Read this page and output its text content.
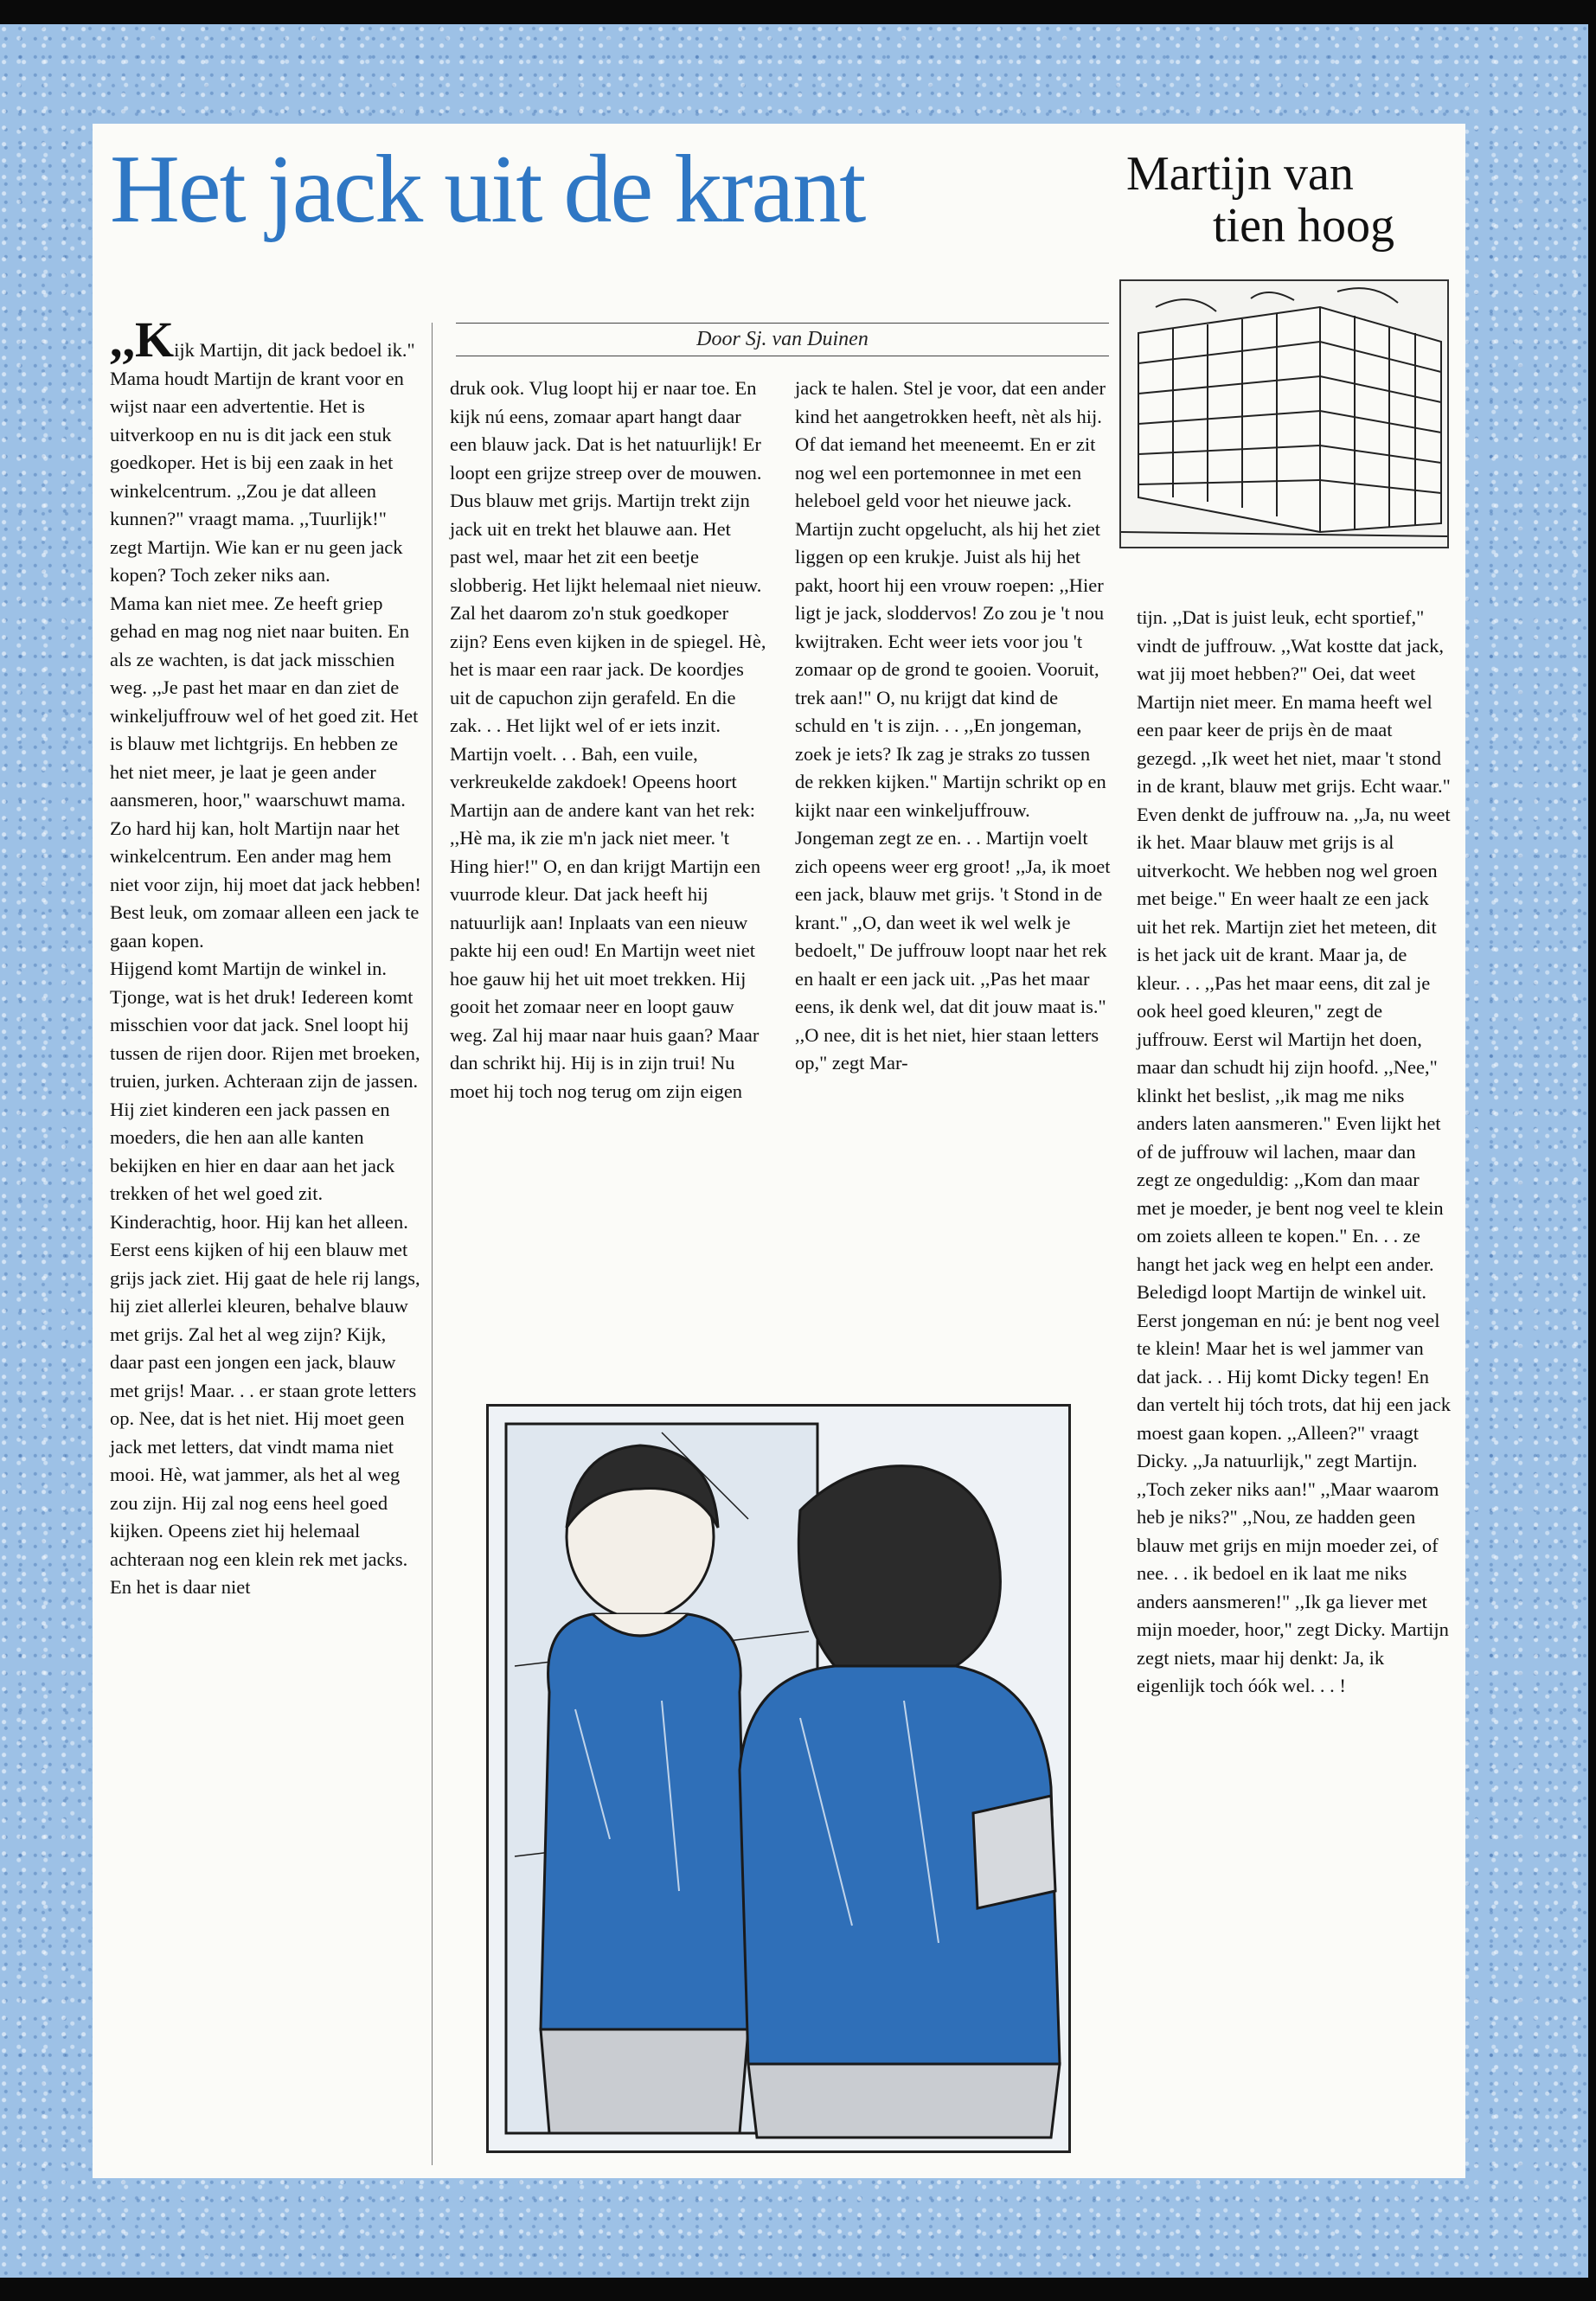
Het jack uit de krant	Martijn van
tien hoog
Door Sj. van Duinen

,,Kijk Martijn, dit jack bedoel ik." Mama houdt Martijn de krant voor en wijst naar een advertentie. Het is uitverkoop en nu is dit jack een stuk goedkoper. Het is bij een zaak in het winkelcentrum. ,,Zou je dat alleen kunnen?" vraagt mama. ,,Tuurlijk!" zegt Martijn. Wie kan er nu geen jack kopen? Toch zeker niks aan.

Mama kan niet mee. Ze heeft griep gehad en mag nog niet naar buiten. En als ze wachten, is dat jack misschien weg. ,,Je past het maar en dan ziet de winkeljuffrouw wel of het goed zit. Het is blauw met lichtgrijs. En hebben ze het niet meer, je laat je geen ander aansmeren, hoor," waarschuwt mama.

Zo hard hij kan, holt Martijn naar het winkelcentrum. Een ander mag hem niet voor zijn, hij moet dat jack hebben! Best leuk, om zomaar alleen een jack te gaan kopen.

Hijgend komt Martijn de winkel in. Tjonge, wat is het druk! Iedereen komt misschien voor dat jack. Snel loopt hij tussen de rijen door. Rijen met broeken, truien, jurken. Achteraan zijn de jassen. Hij ziet kinderen een jack passen en moeders, die hen aan alle kanten bekijken en hier en daar aan het jack trekken of het wel goed zit. Kinderachtig, hoor. Hij kan het alleen. Eerst eens kijken of hij een blauw met grijs jack ziet. Hij gaat de hele rij langs, hij ziet allerlei kleuren, behalve blauw met grijs. Zal het al weg zijn? Kijk, daar past een jongen een jack, blauw met grijs! Maar. . . er staan grote letters op. Nee, dat is het niet. Hij moet geen jack met letters, dat vindt mama niet mooi. Hè, wat jammer, als het al weg zou zijn. Hij zal nog eens heel goed kijken. Opeens ziet hij helemaal achteraan nog een klein rek met jacks. En het is daar niet

druk ook. Vlug loopt hij er naar toe. En kijk nú eens, zomaar apart hangt daar een blauw jack. Dat is het natuurlijk! Er loopt een grijze streep over de mouwen. Dus blauw met grijs. Martijn trekt zijn jack uit en trekt het blauwe aan. Het past wel, maar het zit een beetje slobberig. Het lijkt helemaal niet nieuw. Zal het daarom zo'n stuk goedkoper zijn? Eens even kijken in de spiegel. Hè, het is maar een raar jack. De koordjes uit de capuchon zijn gerafeld. En die zak. . . Het lijkt wel of er iets inzit. Martijn voelt. . . Bah, een vuile, verkreukelde zakdoek! Opeens hoort Martijn aan de andere kant van het rek: ,,Hè ma, ik zie m'n jack niet meer. 't Hing hier!" O, en dan krijgt Martijn een vuurrode kleur. Dat jack heeft hij natuurlijk aan! Inplaats van een nieuw pakte hij een oud! En Martijn weet niet hoe gauw hij het uit moet trekken. Hij gooit het zomaar neer en loopt gauw weg. Zal hij maar naar huis gaan? Maar dan schrikt hij. Hij is in zijn trui! Nu moet hij toch nog terug om zijn eigen

jack te halen. Stel je voor, dat een ander kind het aangetrokken heeft, nèt als hij. Of dat iemand het meeneemt. En er zit nog wel een portemonnee in met een heleboel geld voor het nieuwe jack. Martijn zucht opgelucht, als hij het ziet liggen op een krukje. Juist als hij het pakt, hoort hij een vrouw roepen: ,,Hier ligt je jack, sloddervos! Zo zou je 't nou kwijtraken. Echt weer iets voor jou 't zomaar op de grond te gooien. Vooruit, trek aan!" O, nu krijgt dat kind de schuld en 't is zijn. . . ,,En jongeman, zoek je iets? Ik zag je straks zo tussen de rekken kijken." Martijn schrikt op en kijkt naar een winkeljuffrouw. Jongeman zegt ze en. . . Martijn voelt zich opeens weer erg groot! ,,Ja, ik moet een jack, blauw met grijs. 't Stond in de krant." ,,O, dan weet ik wel welk je bedoelt," De juffrouw loopt naar het rek en haalt er een jack uit. ,,Pas het maar eens, ik denk wel, dat dit jouw maat is." ,,O nee, dit is het niet, hier staan letters op," zegt Mar-

tijn. ,,Dat is juist leuk, echt sportief," vindt de juffrouw. ,,Wat kostte dat jack, wat jij moet hebben?" Oei, dat weet Martijn niet meer. En mama heeft wel een paar keer de prijs èn de maat gezegd. ,,Ik weet het niet, maar 't stond in de krant, blauw met grijs. Echt waar." Even denkt de juffrouw na. ,,Ja, nu weet ik het. Maar blauw met grijs is al uitverkocht. We hebben nog wel groen met beige." En weer haalt ze een jack uit het rek. Martijn ziet het meteen, dit is het jack uit de krant. Maar ja, de kleur. . . ,,Pas het maar eens, dit zal je ook heel goed kleuren," zegt de juffrouw. Eerst wil Martijn het doen, maar dan schudt hij zijn hoofd. ,,Nee," klinkt het beslist, ,,ik mag me niks anders laten aansmeren." Even lijkt het of de juffrouw wil lachen, maar dan zegt ze ongeduldig: ,,Kom dan maar met je moeder, je bent nog veel te klein om zoiets alleen te kopen." En. . . ze hangt het jack weg en helpt een ander. Beledigd loopt Martijn de winkel uit. Eerst jongeman en nú: je bent nog veel te klein! Maar het is wel jammer van dat jack. . . Hij komt Dicky tegen! En dan vertelt hij tóch trots, dat hij een jack moest gaan kopen. ,,Alleen?" vraagt Dicky. ,,Ja natuurlijk," zegt Martijn. ,,Toch zeker niks aan!" ,,Maar waarom heb je niks?" ,,Nou, ze hadden geen blauw met grijs en mijn moeder zei, of nee. . . ik bedoel en ik laat me niks anders aansmeren!" ,,Ik ga liever met mijn moeder, hoor," zegt Dicky. Martijn zegt niets, maar hij denkt: Ja, ik eigenlijk toch óók wel. . . !
